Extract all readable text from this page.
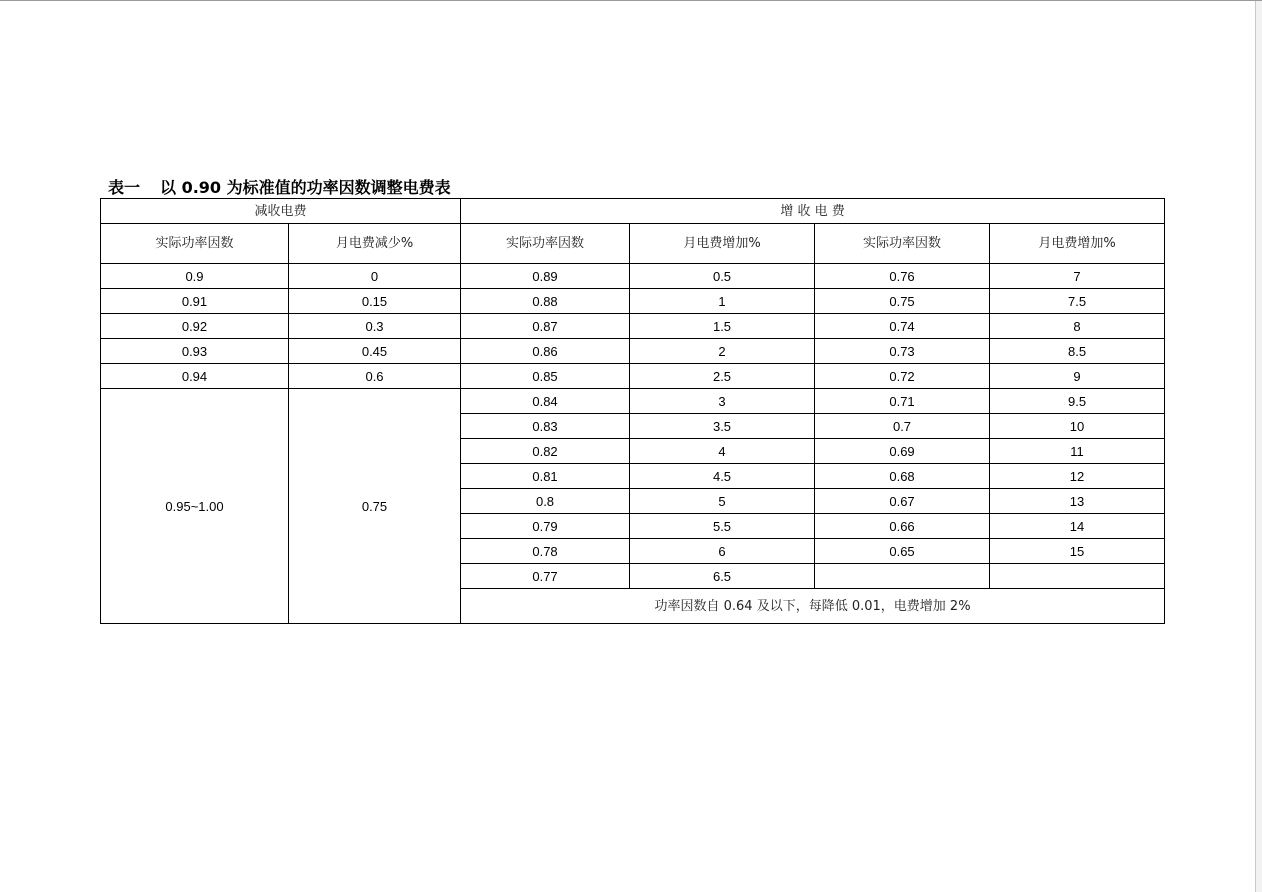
表一 以 0.90 为标准值的功率因数调整电费表
减收电费		增 收 电 费			
实际功率因数	月电费减少%	实际功率因数	月电费增加%	实际功率因数	月电费增加%
0.9	0	0.89	0.5	0.76	7
0.91	0.15	0.88	1	0.75	7.5
0.92	0.3	0.87	1.5	0.74	8
0.93	0.45	0.86	2	0.73	8.5
0.94	0.6	0.85	2.5	0.72	9
0.95~1.00	0.75	0.84	3	0.71	9.5
		0.83	3.5	0.7	10
		0.82	4	0.69	11
		0.81	4.5	0.68	12
		0.8	5	0.67	13
		0.79	5.5	0.66	14
		0.78	6	0.65	15
		0.77	6.5		
		功率因数自 0.64 及以下，每降低 0.01，电费增加 2%			
